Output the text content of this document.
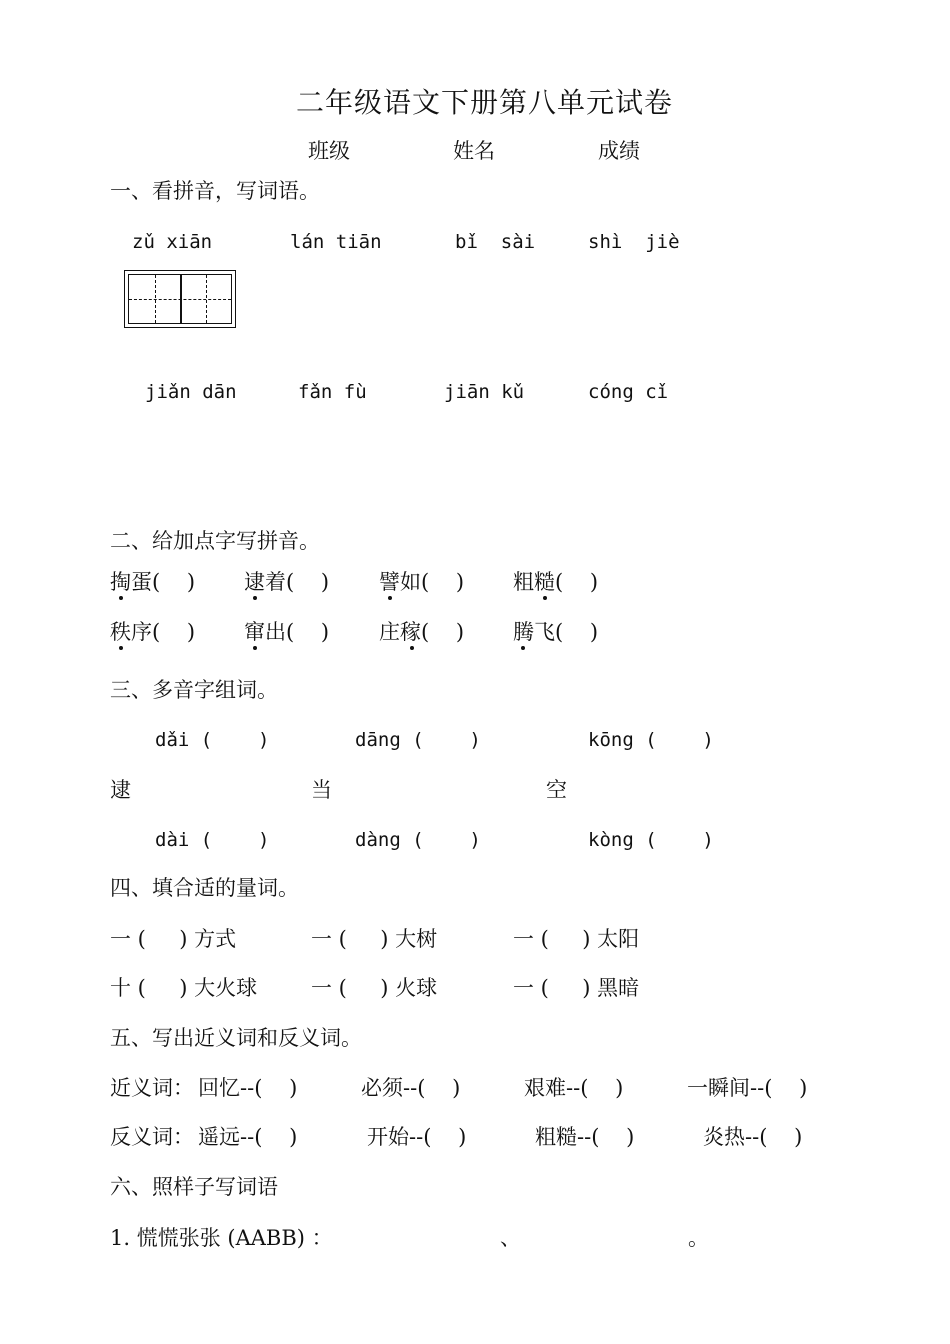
二年级语文下册第八单元试卷
班级	姓名	成绩
一、看拼音，写词语。
zǔ xiān	lán tiān	bǐ  sài	shì  jiè
jiǎn dān	fǎn fù	jiān kǔ	cóng cǐ
二、给加点字写拼音。
掏蛋(    ) 逮着(    ) 譬如(    ) 粗糙(    )
秩序(    ) 窜出(    ) 庄稼(    ) 腾飞(    )
三、多音字组词。
dǎi (    )	dāng (    )	kōng (    )
逮	当	空
dài (    )	dàng (    )	kòng (    )
四、填合适的量词。
一 (     ) 方式	一 (     ) 大树	一 (     ) 太阳
十 (     ) 大火球	一 (     ) 火球	一 (     ) 黑暗
五、写出近义词和反义词。
近义词： 回忆--(    )	必须--(    )	艰难--(    )	一瞬间--(    )
反义词： 遥远--(    )	开始--(    )	粗糙--(    )	炎热--(    )
六、照样子写词语
1. 慌慌张张 (AABB) ：	、	。
